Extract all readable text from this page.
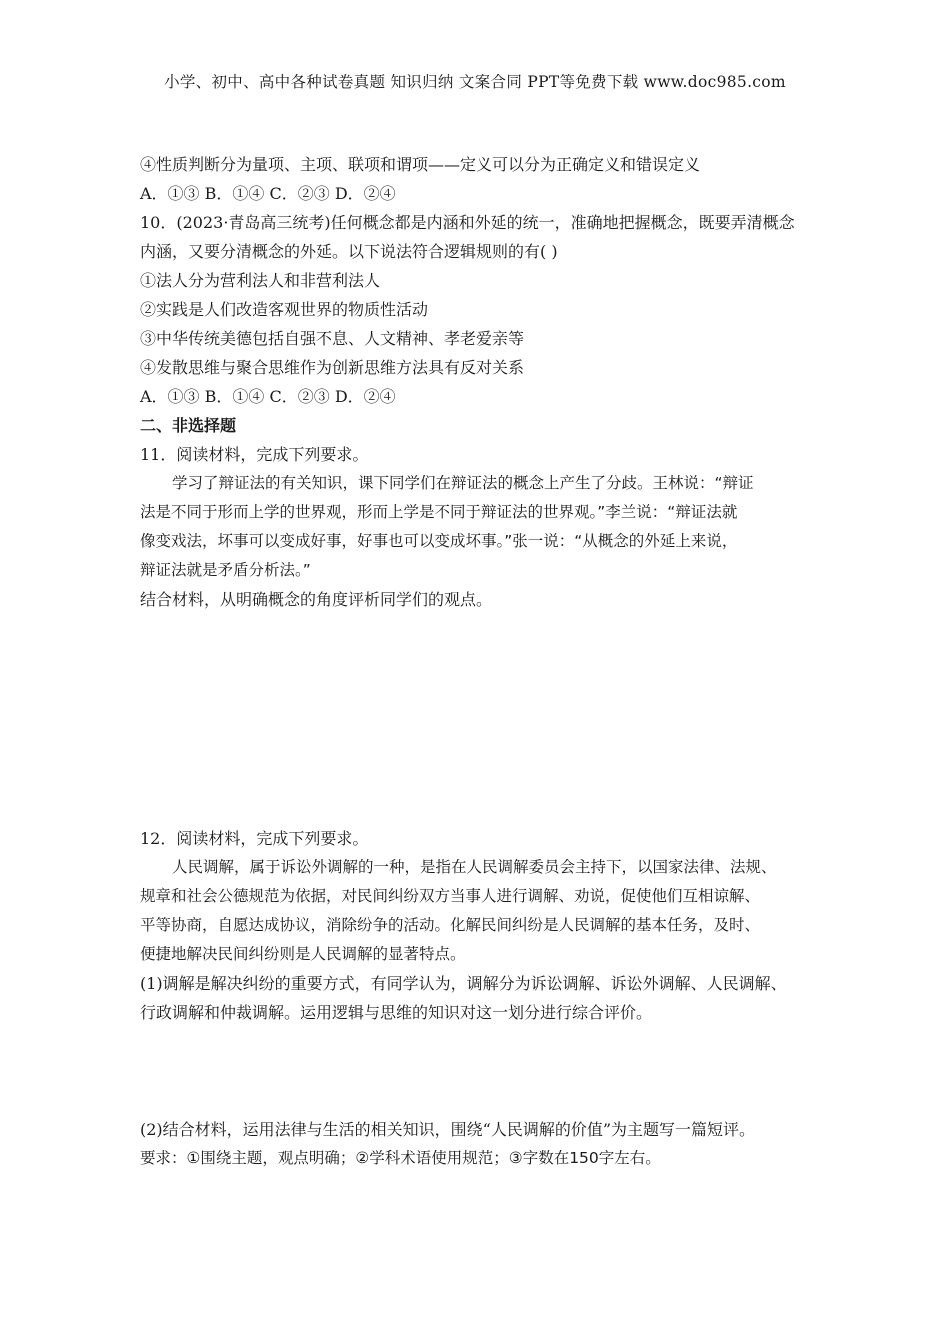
小学、初中、高中各种试卷真题 知识归纳 文案合同 PPT等免费下载 www.doc985.com
④性质判断分为量项、主项、联项和谓项——定义可以分为正确定义和错误定义
A．①③ B．①④ C．②③ D．②④
10．(2023·青岛高三统考)任何概念都是内涵和外延的统一，准确地把握概念，既要弄清概念
内涵，又要分清概念的外延。以下说法符合逻辑规则的有( )
①法人分为营利法人和非营利法人
②实践是人们改造客观世界的物质性活动
③中华传统美德包括自强不息、人文精神、孝老爱亲等
④发散思维与聚合思维作为创新思维方法具有反对关系
A．①③ B．①④ C．②③ D．②④
二、非选择题
11．阅读材料，完成下列要求。
学习了辩证法的有关知识，课下同学们在辩证法的概念上产生了分歧。王林说：“辩证
法是不同于形而上学的世界观，形而上学是不同于辩证法的世界观。”李兰说：“辩证法就
像变戏法，坏事可以变成好事，好事也可以变成坏事。”张一说：“从概念的外延上来说，
辩证法就是矛盾分析法。”
结合材料，从明确概念的角度评析同学们的观点。
12．阅读材料，完成下列要求。
人民调解，属于诉讼外调解的一种，是指在人民调解委员会主持下，以国家法律、法规、
规章和社会公德规范为依据，对民间纠纷双方当事人进行调解、劝说，促使他们互相谅解、
平等协商，自愿达成协议，消除纷争的活动。化解民间纠纷是人民调解的基本任务，及时、
便捷地解决民间纠纷则是人民调解的显著特点。
(1)调解是解决纠纷的重要方式，有同学认为，调解分为诉讼调解、诉讼外调解、人民调解、
行政调解和仲裁调解。运用逻辑与思维的知识对这一划分进行综合评价。
(2)结合材料，运用法律与生活的相关知识，围绕“人民调解的价值”为主题写一篇短评。
要求：①围绕主题，观点明确；②学科术语使用规范；③字数在150字左右。
